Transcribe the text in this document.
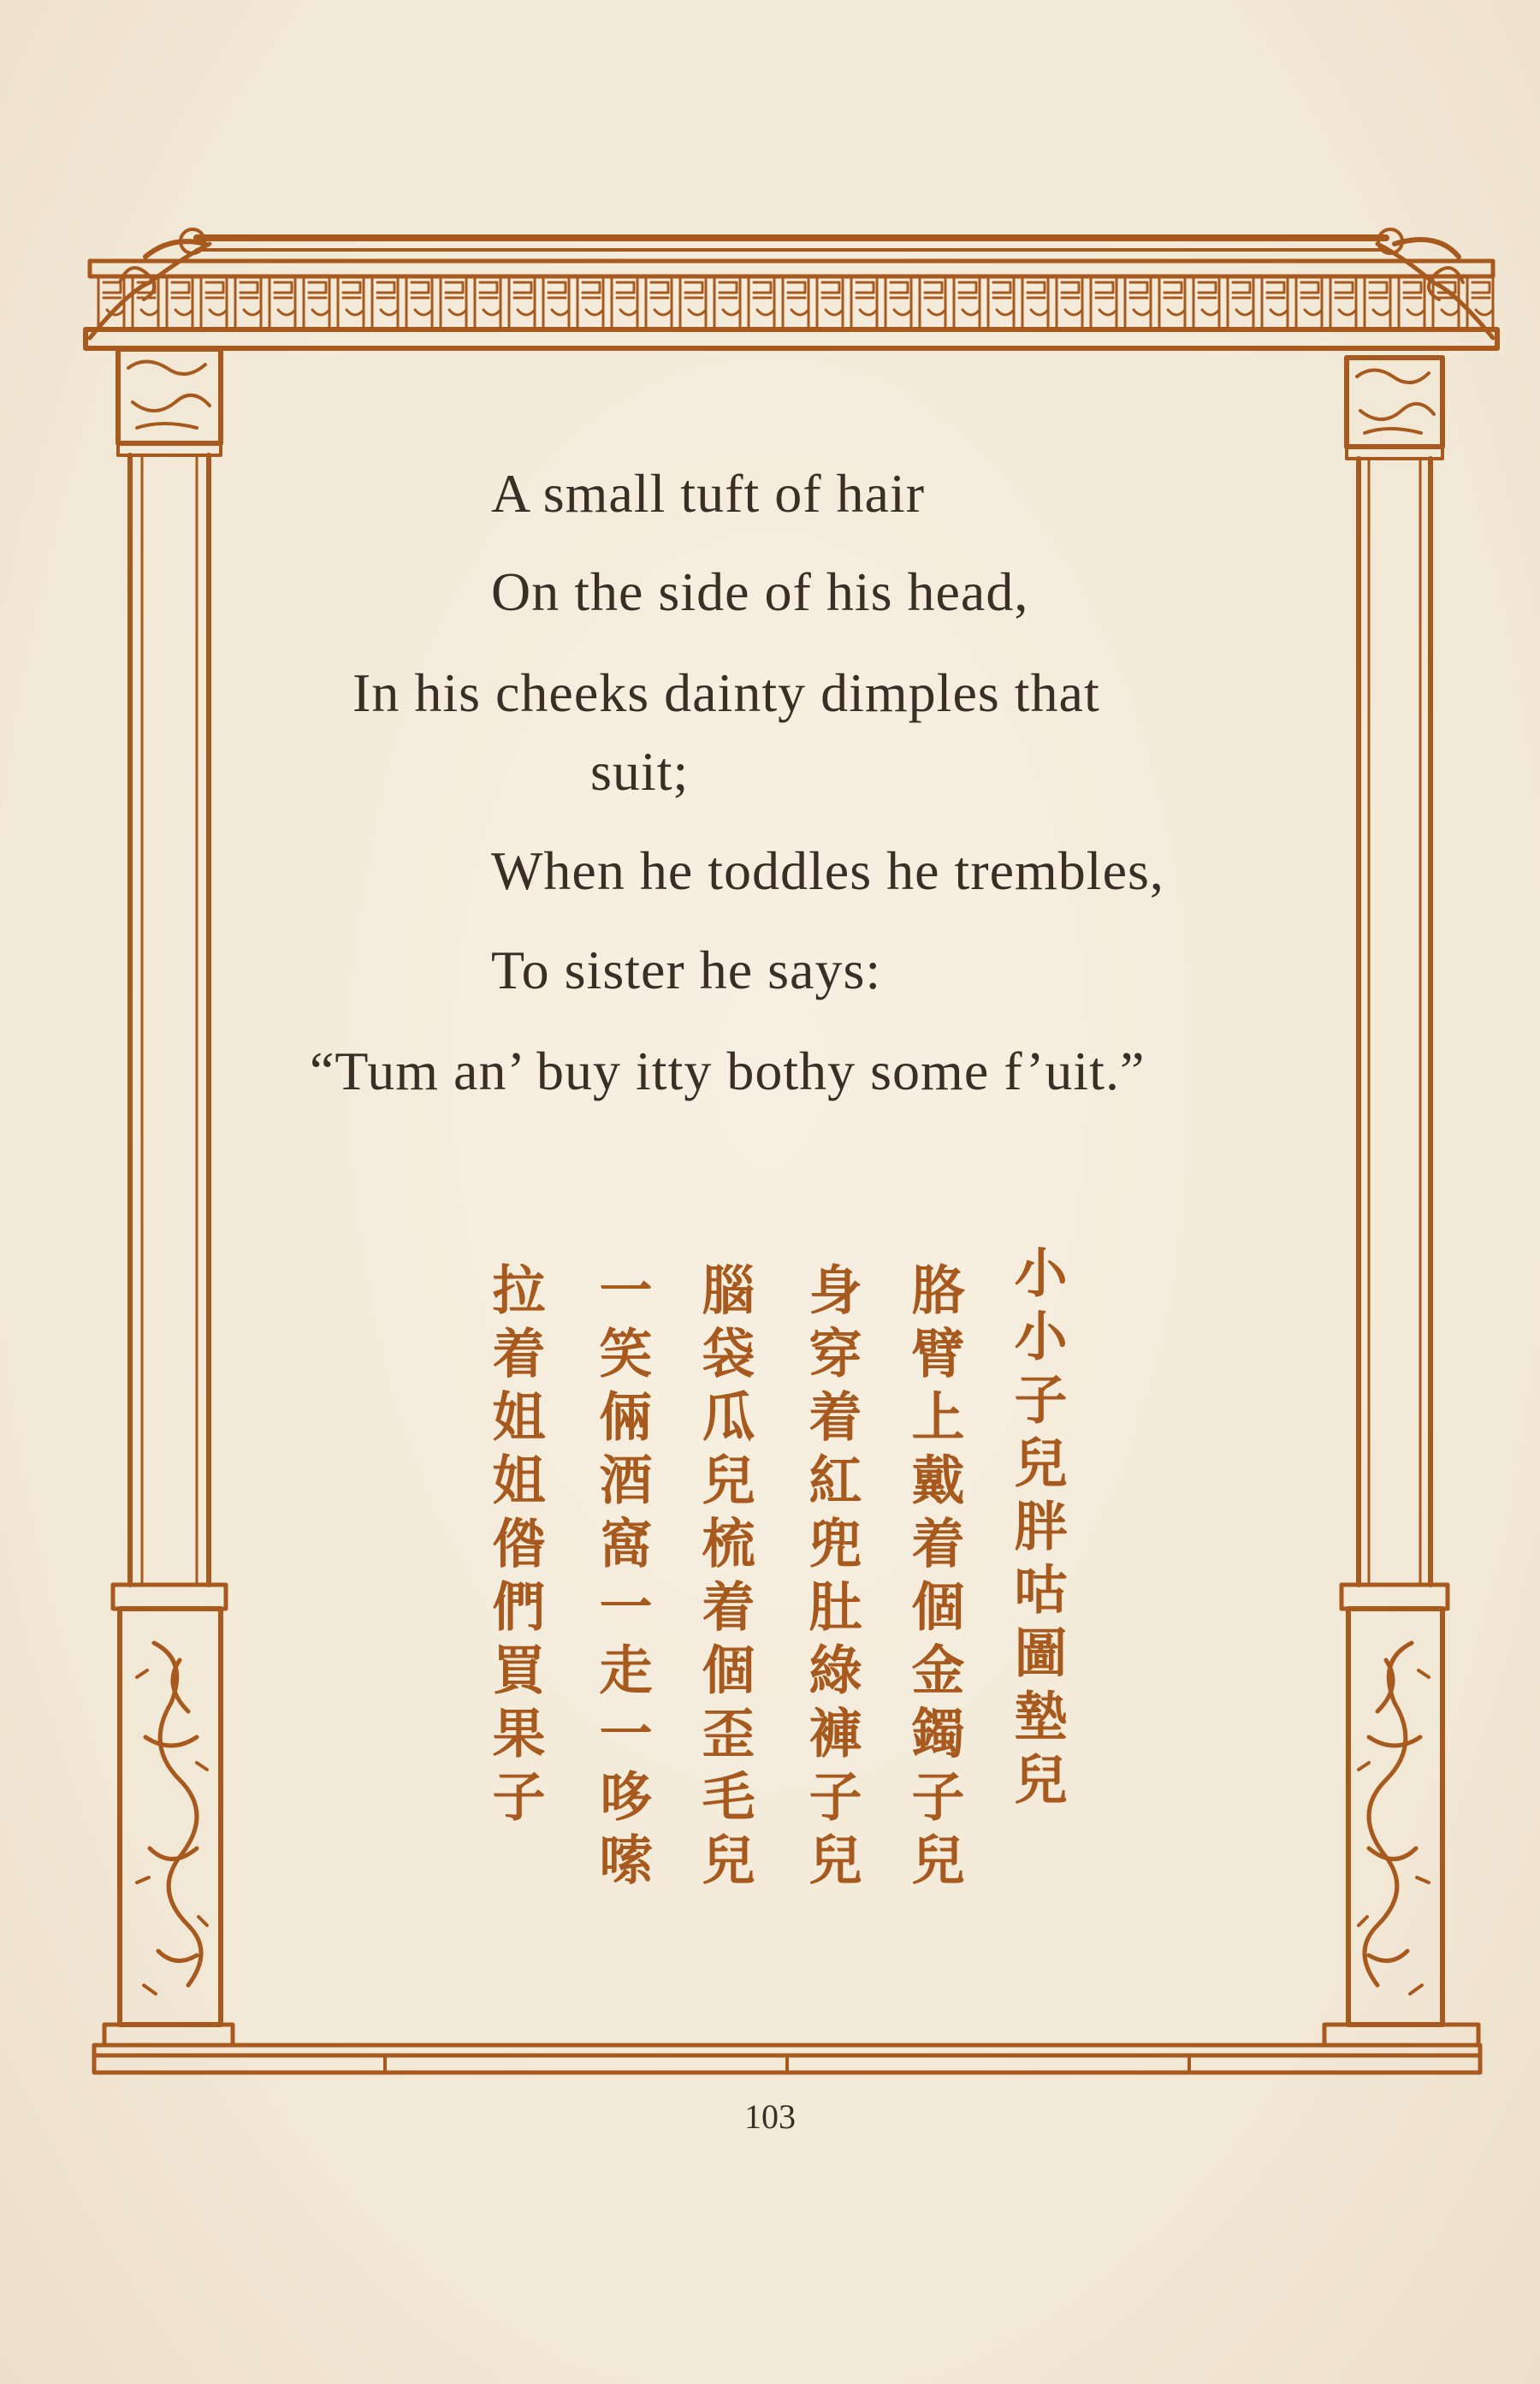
A small tuft of hair
On the side of his head,
In his cheeks dainty dimples that
suit;
When he toddles he trembles,
To sister he says:
“Tum an’ buy itty bothy some f’uit.”
小小子兒胖咕圖墊兒
胳臂上戴着個金鐲子兒
身穿着紅兜肚綠褲子兒
腦袋瓜兒梳着個歪毛兒
一笑倆酒窩一走一哆嗦
拉着姐姐偺們買果子
103
